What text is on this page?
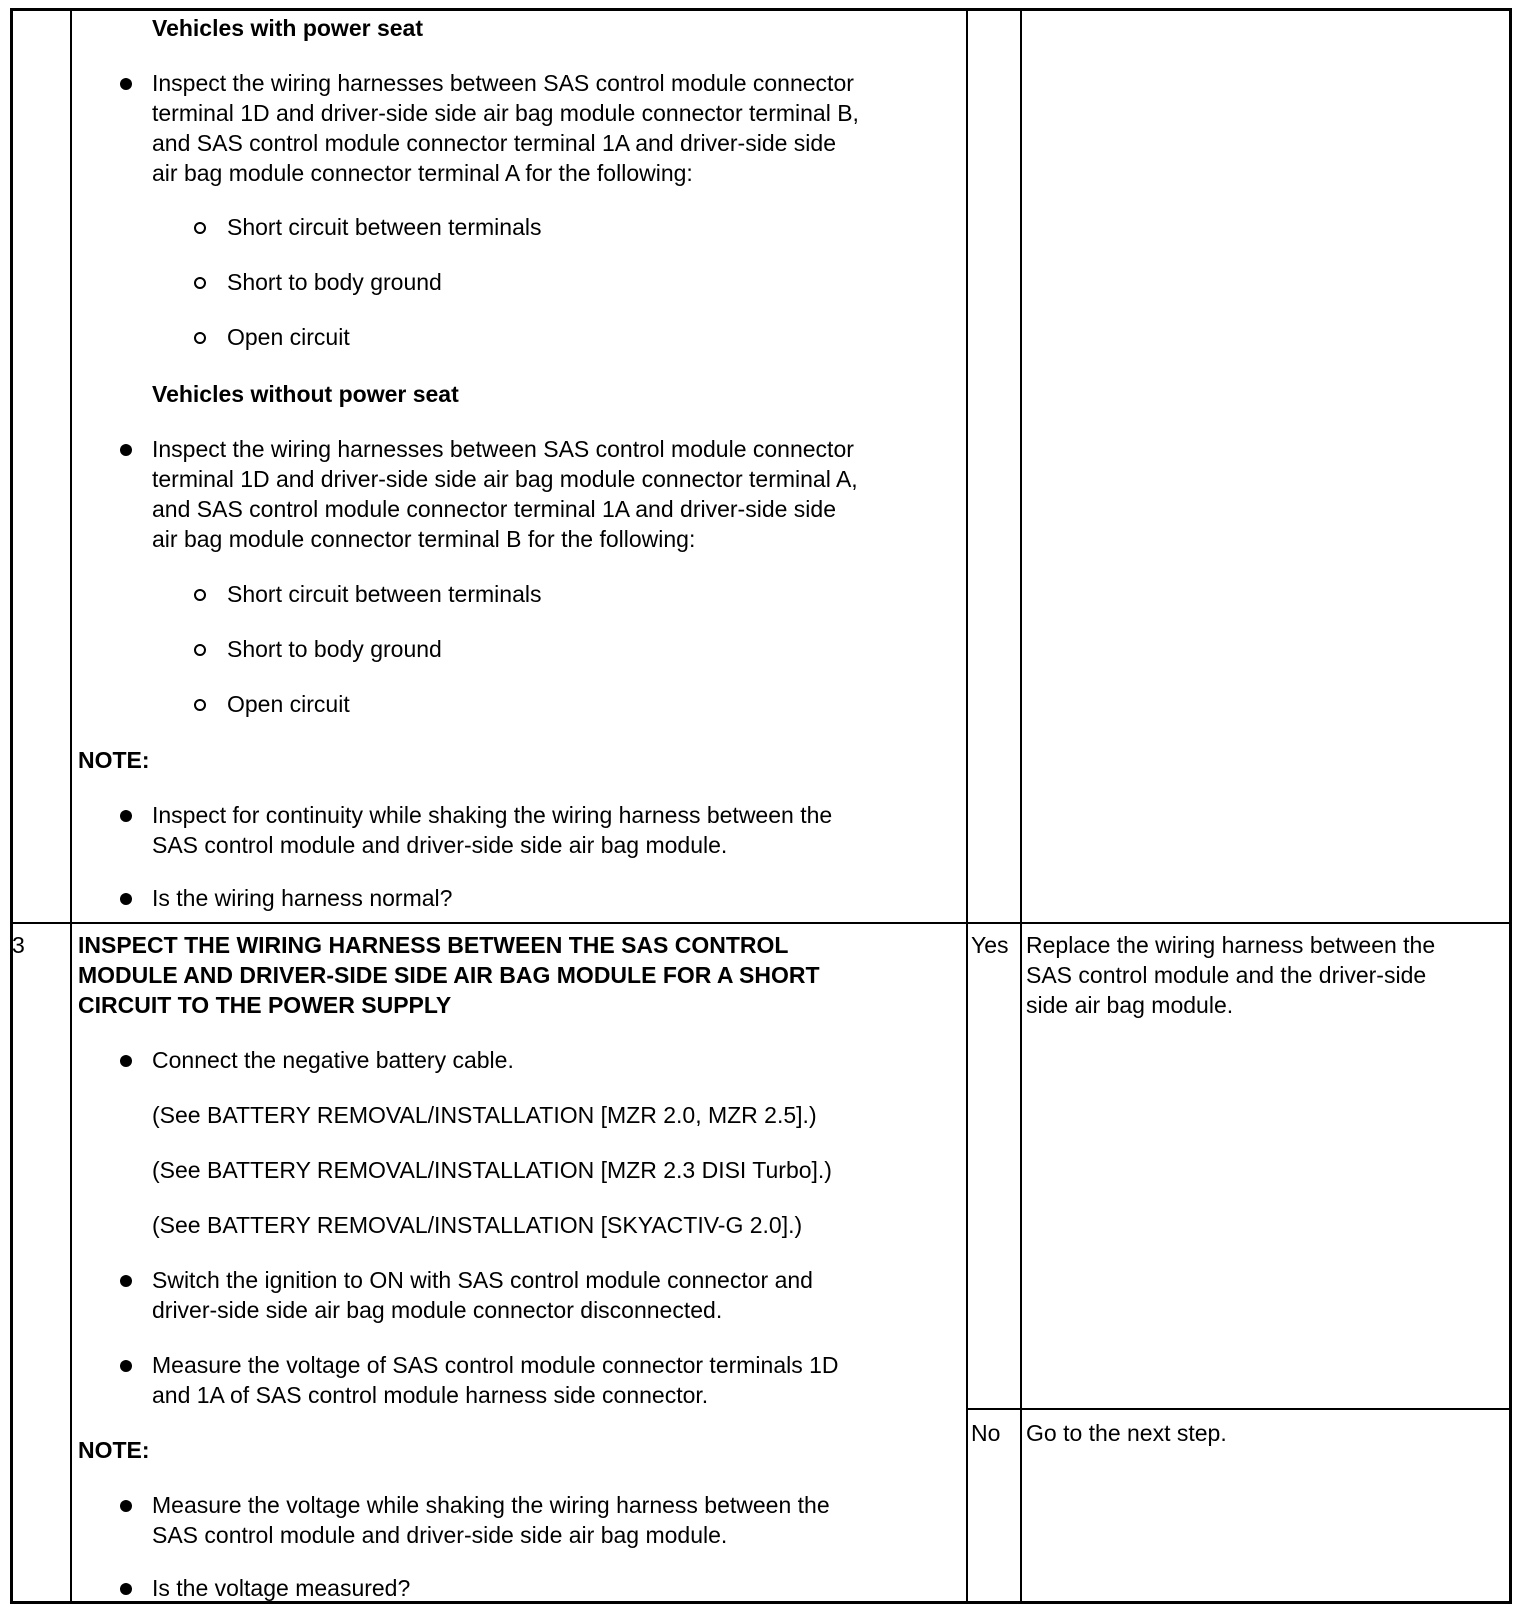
Vehicles with power seat
Inspect the wiring harnesses between SAS control module connector
terminal 1D and driver-side side air bag module connector terminal B,
and SAS control module connector terminal 1A and driver-side side
air bag module connector terminal A for the following:
Short circuit between terminals
Short to body ground
Open circuit
Vehicles without power seat
Inspect the wiring harnesses between SAS control module connector
terminal 1D and driver-side side air bag module connector terminal A,
and SAS control module connector terminal 1A and driver-side side
air bag module connector terminal B for the following:
Short circuit between terminals
Short to body ground
Open circuit
NOTE:
Inspect for continuity while shaking the wiring harness between the
SAS control module and driver-side side air bag module.
Is the wiring harness normal?
3 INSPECT THE WIRING HARNESS BETWEEN THE SAS CONTROL
MODULE AND DRIVER-SIDE SIDE AIR BAG MODULE FOR A SHORT
CIRCUIT TO THE POWER SUPPLY
Connect the negative battery cable.
(See BATTERY REMOVAL/INSTALLATION [MZR 2.0, MZR 2.5].)
(See BATTERY REMOVAL/INSTALLATION [MZR 2.3 DISI Turbo].)
(See BATTERY REMOVAL/INSTALLATION [SKYACTIV-G 2.0].)
Switch the ignition to ON with SAS control module connector and
driver-side side air bag module connector disconnected.
Measure the voltage of SAS control module connector terminals 1D
and 1A of SAS control module harness side connector.
NOTE:
Measure the voltage while shaking the wiring harness between the
SAS control module and driver-side side air bag module.
Is the voltage measured?
Yes Replace the wiring harness between the
SAS control module and the driver-side
side air bag module.
No Go to the next step.
